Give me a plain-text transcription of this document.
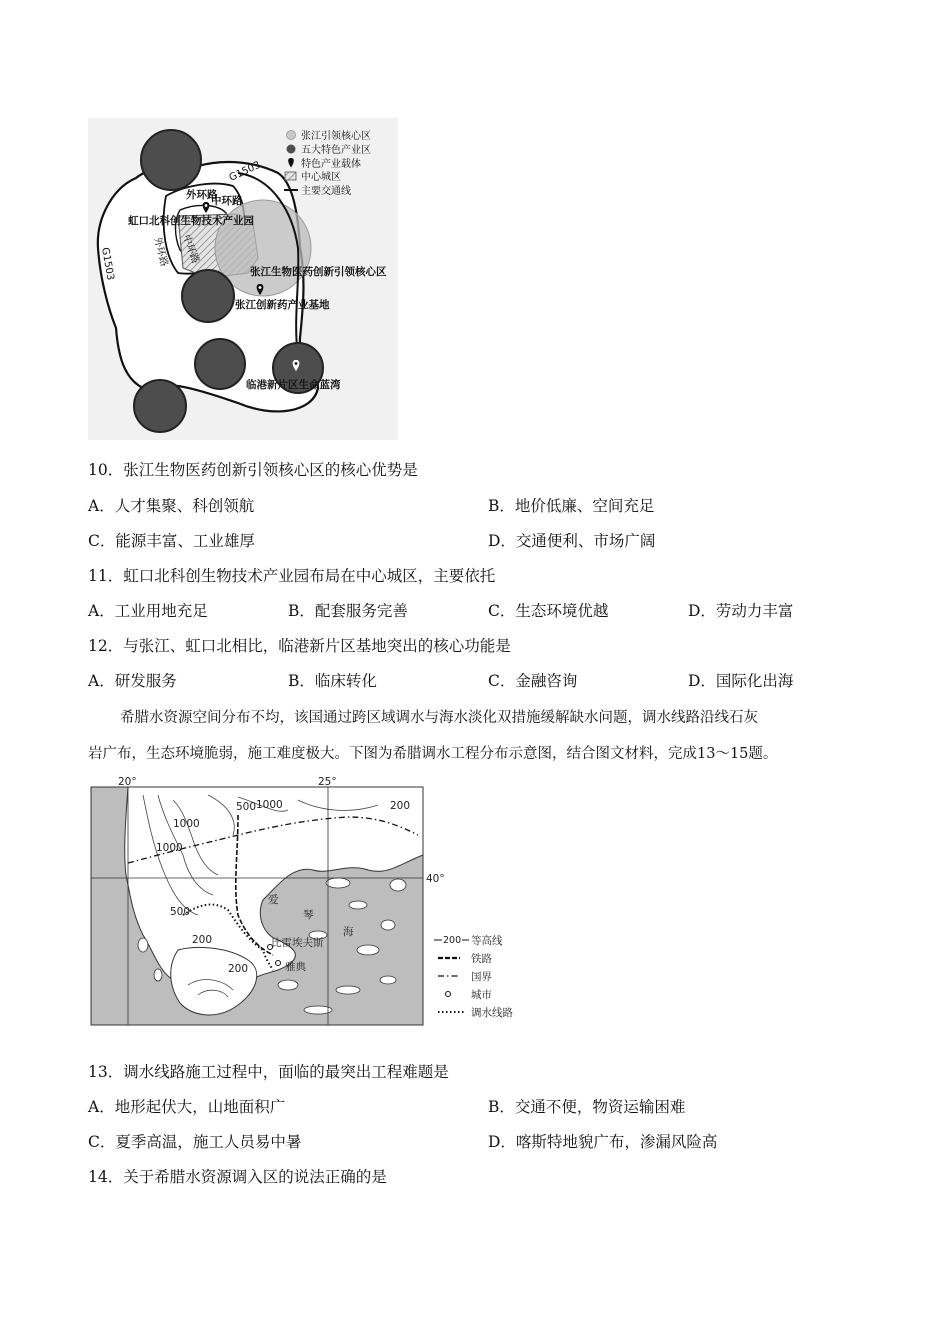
张江引领核心区
五大特色产业区
特色产业载体
中心城区
主要交通线
外环路
中环路
G1503
虹口北科创生物技术产业园
中环路
外环路
G1503	张江生物医药创新引领核心区
张江创新药产业基地
临港新片区生命蓝湾
10．张江生物医药创新引领核心区的核心优势是
A．人才集聚、科创领航	B．地价低廉、空间充足
C．能源丰富、工业雄厚	D．交通便利、市场广阔
11．虹口北科创生物技术产业园布局在中心城区，主要依托
A．工业用地充足	B．配套服务完善	C．生态环境优越	D．劳动力丰富
12．与张江、虹口北相比，临港新片区基地突出的核心功能是
A．研发服务	B．临床转化	C．金融咨询	D．国际化出海
希腊水资源空间分布不均，该国通过跨区域调水与海水淡化双措施缓解缺水问题，调水线路沿线石灰
岩广布，生态环境脆弱，施工难度极大。下图为希腊调水工程分布示意图，结合图文材料，完成13～15题。
20°	25°
40°
500 1000
1000
1000
200
500
200
200
爱
琴
海
比雷埃夫斯
雅典
200 等高线
铁路
国界
城市
调水线路
13．调水线路施工过程中，面临的最突出工程难题是
A．地形起伏大，山地面积广	B．交通不便，物资运输困难
C．夏季高温，施工人员易中暑	D．喀斯特地貌广布，渗漏风险高
14．关于希腊水资源调入区的说法正确的是
